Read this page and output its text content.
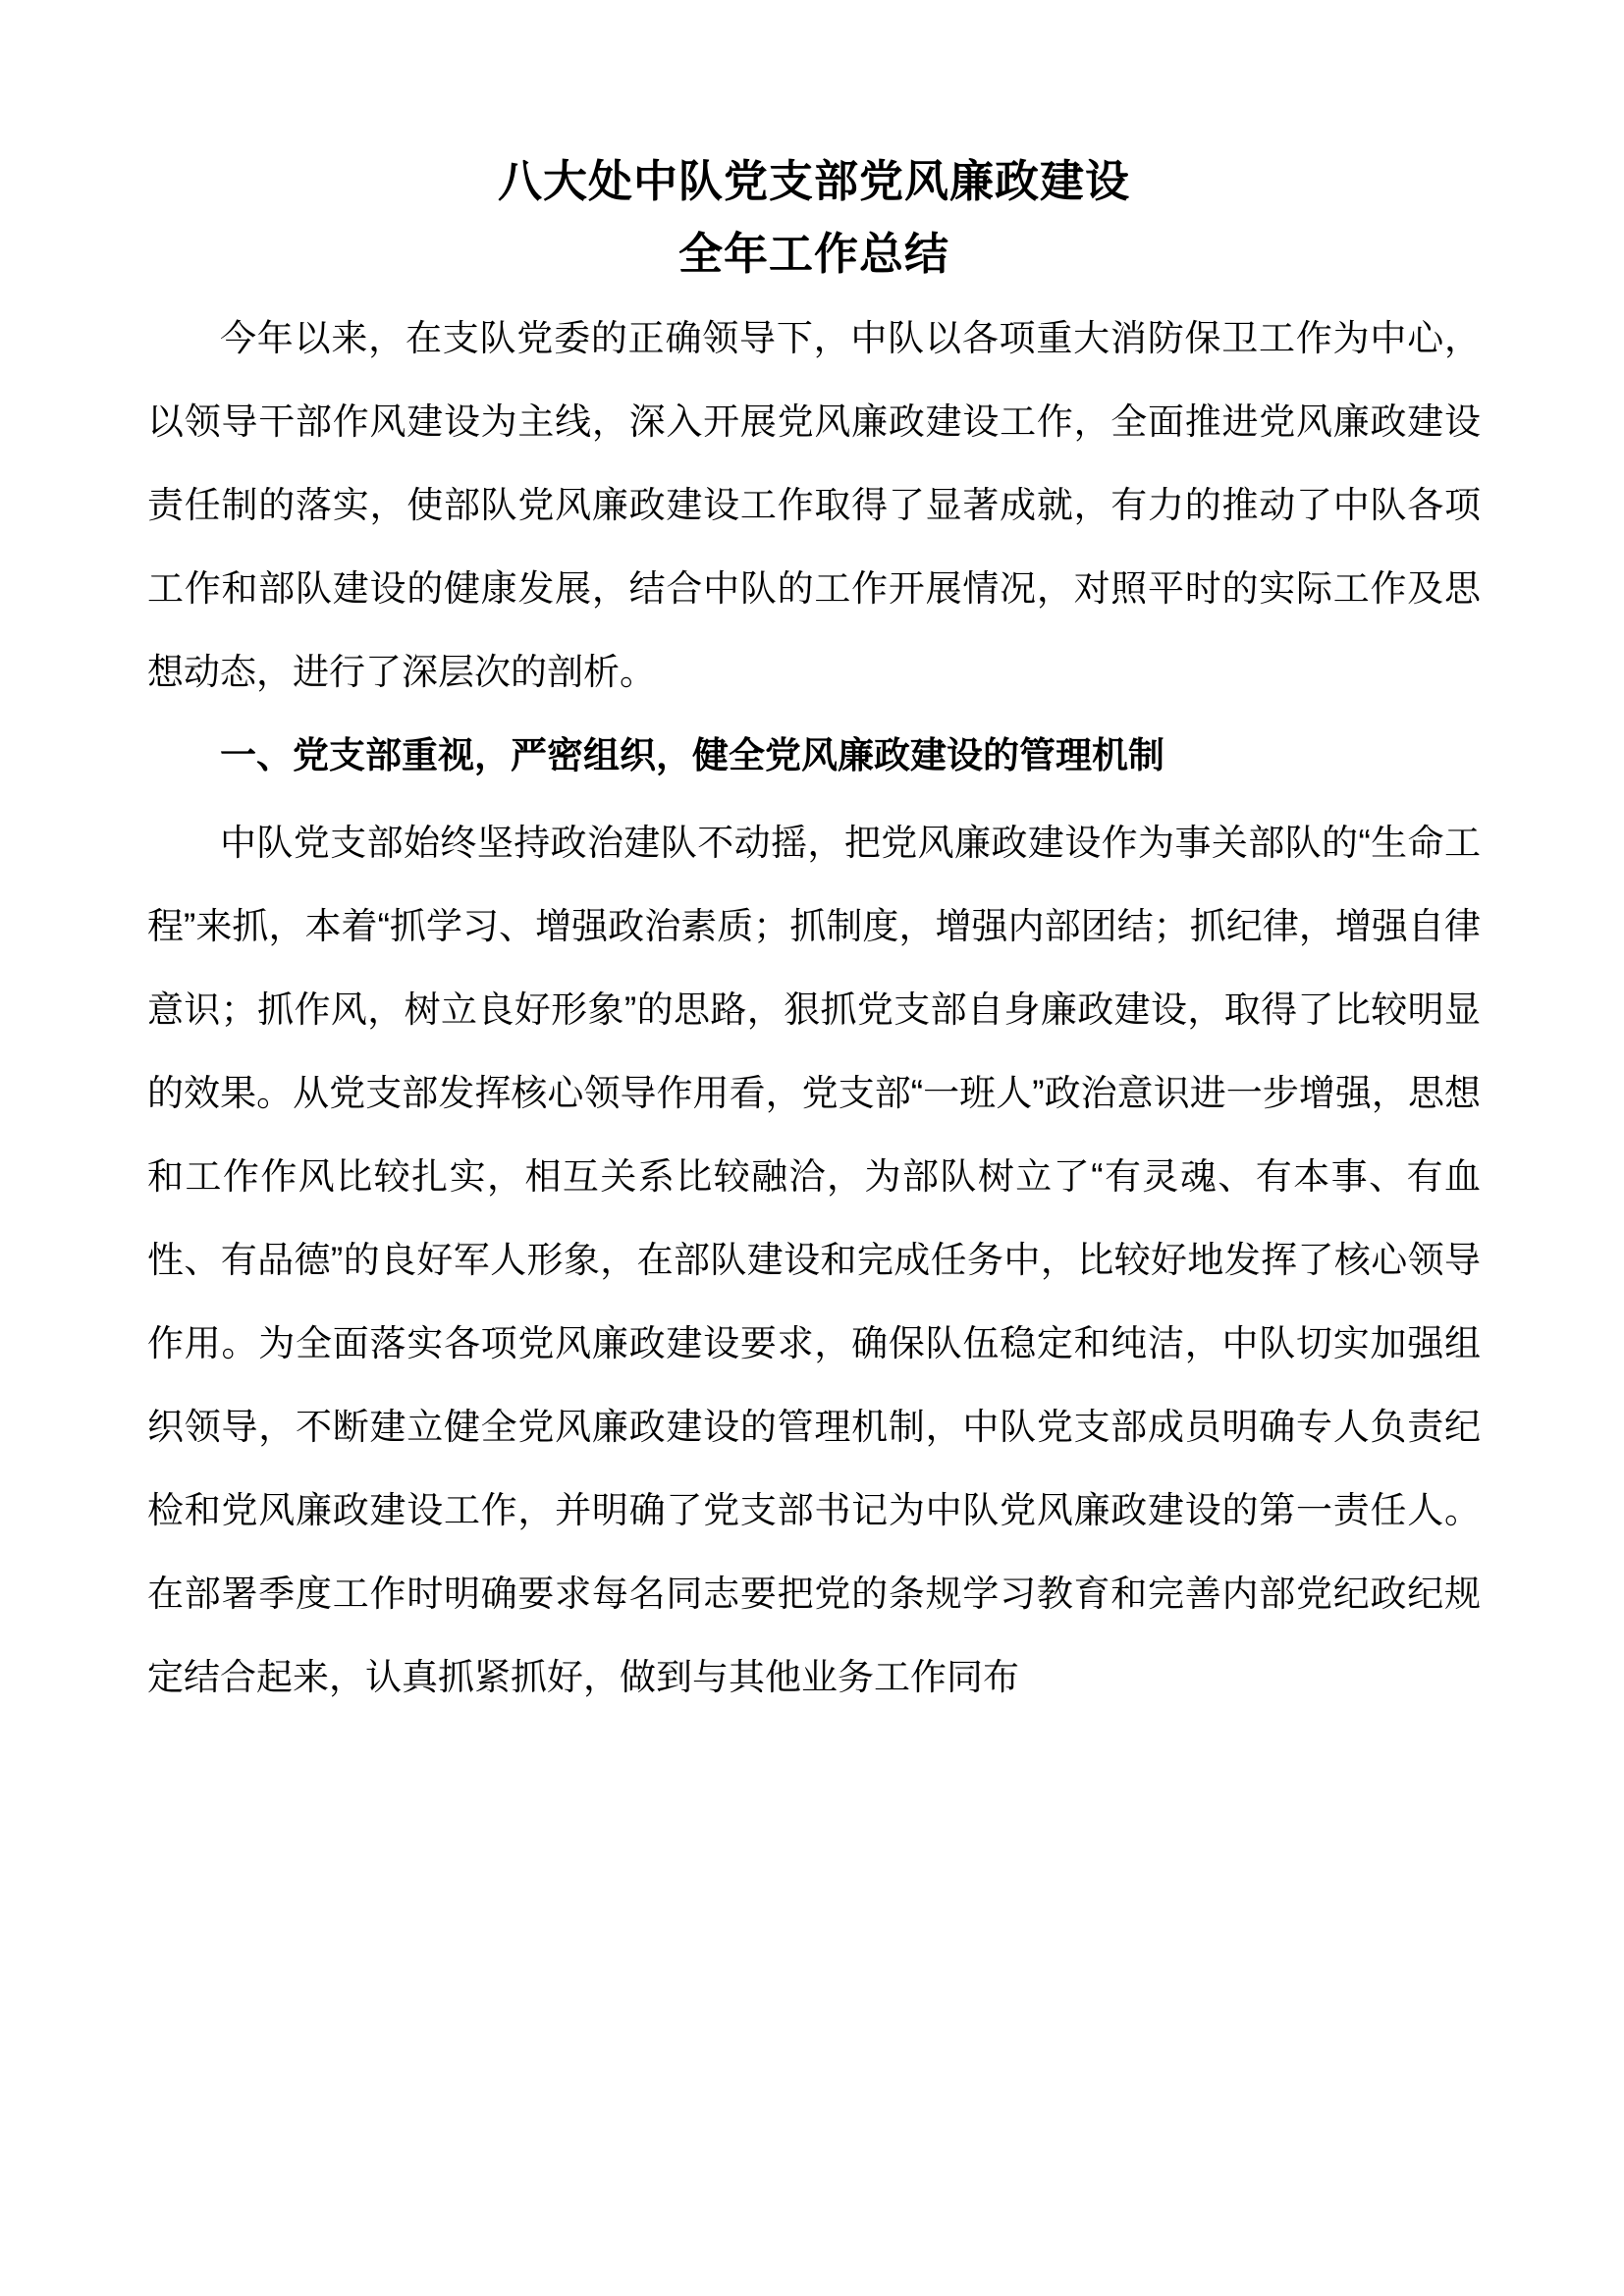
八大处中队党支部党风廉政建设
全年工作总结

今年以来，在支队党委的正确领导下，中队以各项重大消防保卫工作为中心，以领导干部作风建设为主线，深入开展党风廉政建设工作，全面推进党风廉政建设责任制的落实，使部队党风廉政建设工作取得了显著成就，有力的推动了中队各项工作和部队建设的健康发展，结合中队的工作开展情况，对照平时的实际工作及思想动态，进行了深层次的剖析。

一、党支部重视，严密组织，健全党风廉政建设的管理机制

中队党支部始终坚持政治建队不动摇，把党风廉政建设作为事关部队的“生命工程”来抓，本着“抓学习、增强政治素质；抓制度，增强内部团结；抓纪律，增强自律意识；抓作风，树立良好形象”的思路，狠抓党支部自身廉政建设，取得了比较明显的效果。从党支部发挥核心领导作用看，党支部“一班人”政治意识进一步增强，思想和工作作风比较扎实，相互关系比较融洽，为部队树立了“有灵魂、有本事、有血性、有品德”的良好军人形象，在部队建设和完成任务中，比较好地发挥了核心领导作用。为全面落实各项党风廉政建设要求，确保队伍稳定和纯洁，中队切实加强组织领导，不断建立健全党风廉政建设的管理机制，中队党支部成员明确专人负责纪检和党风廉政建设工作，并明确了党支部书记为中队党风廉政建设的第一责任人。在部署季度工作时明确要求每名同志要把党的条规学习教育和完善内部党纪政纪规定结合起来，认真抓紧抓好，做到与其他业务工作同布
